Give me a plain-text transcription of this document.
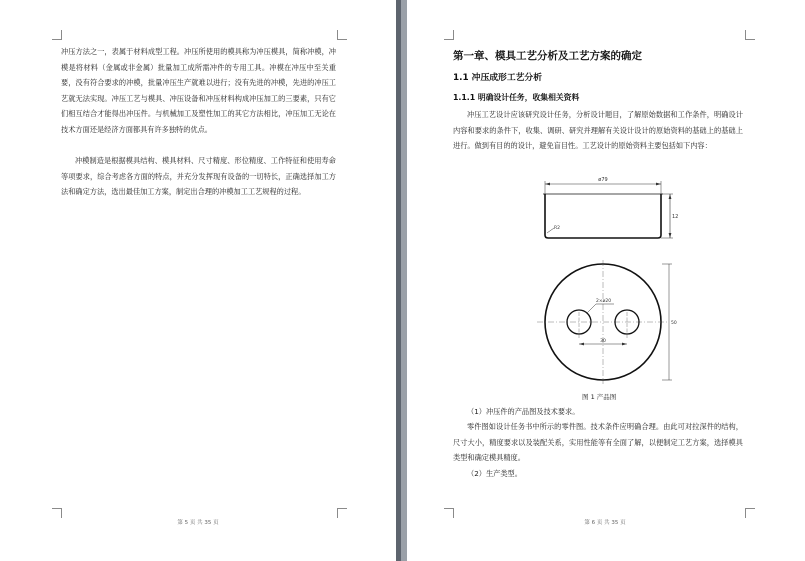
冲压方法之一，表属于材料成型工程。冲压所使用的模具称为冲压模具，简称冲模，冲模是将材料（金属或非金属）批量加工成所需冲件的专用工具。冲模在冲压中至关重要，没有符合要求的冲模，批量冲压生产就难以进行；没有先进的冲模，先进的冲压工艺就无法实现。冲压工艺与模具、冲压设备和冲压材料构成冲压加工的三要素，只有它们相互结合才能得出冲压件。与机械加工及塑性加工的其它方法相比，冲压加工无论在技术方面还是经济方面都具有许多独特的优点。

冲模制造是根据模具结构、模具材料、尺寸精度、形位精度、工作特征和使用寿命等项要求，综合考虑各方面的特点，并充分发挥现有设备的一切特长，正确选择加工方法和确定方法，选出最佳加工方案，制定出合理的冲模加工工艺规程的过程。

第 5 页 共 35 页
第一章、模具工艺分析及工艺方案的确定
1.1 冲压成形工艺分析
1.1.1 明确设计任务，收集相关资料

冲压工艺设计应该研究设计任务，分析设计题目，了解原始数据和工作条件，明确设计内容和要求的条件下，收集、调研、研究并理解有关设计设计的原始资料的基础上的基础上进行。做到有目的的设计，避免盲目性。工艺设计的原始资料主要包括如下内容：

ø79
12
R2
2×ø20
30
50
图 1 产品图
（1）冲压件的产品图及技术要求。

零件图如设计任务书中所示的零件图。技术条件应明确合理。由此可对拉深件的结构，尺寸大小，精度要求以及装配关系，实用性能等有全面了解，以便制定工艺方案，选择模具类型和确定模具精度。

（2）生产类型。
第 6 页 共 35 页
